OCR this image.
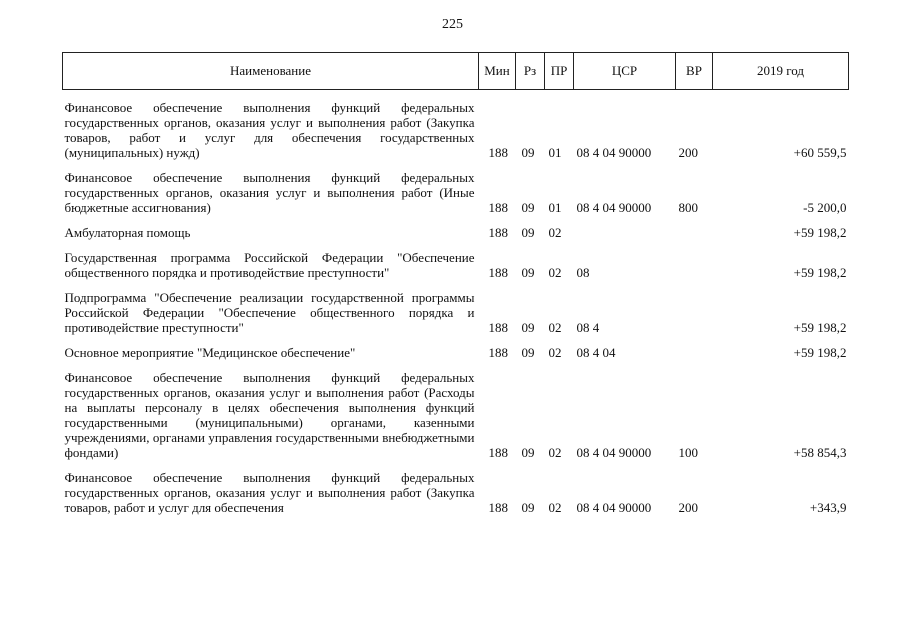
225
Наименование	Мин	Рз	ПР	ЦСР	ВР	2019 год
Финансовое обеспечение выполнения функций федеральных государственных органов, оказания услуг и выполнения работ (Закупка товаров, работ и услуг для обеспечения государственных (муниципальных) нужд)	188	09	01	08 4 04 90000	200	+60 559,5
Финансовое обеспечение выполнения функций федеральных государственных органов, оказания услуг и выполнения работ (Иные бюджетные ассигнования)	188	09	01	08 4 04 90000	800	-5 200,0
Амбулаторная помощь	188	09	02			+59 198,2
Государственная программа Российской Федерации "Обеспечение общественного порядка и противодействие преступности"	188	09	02	08		+59 198,2
Подпрограмма "Обеспечение реализации государственной программы Российской Федерации "Обеспечение общественного порядка и противодействие преступности"	188	09	02	08 4		+59 198,2
Основное мероприятие "Медицинское обеспечение"	188	09	02	08 4 04		+59 198,2
Финансовое обеспечение выполнения функций федеральных государственных органов, оказания услуг и выполнения работ (Расходы на выплаты персоналу в целях обеспечения выполнения функций государственными (муниципальными) органами, казенными учреждениями, органами управления государственными внебюджетными фондами)	188	09	02	08 4 04 90000	100	+58 854,3
Финансовое обеспечение выполнения функций федеральных государственных органов, оказания услуг и выполнения работ (Закупка товаров, работ и услуг для обеспечения	188	09	02	08 4 04 90000	200	+343,9
